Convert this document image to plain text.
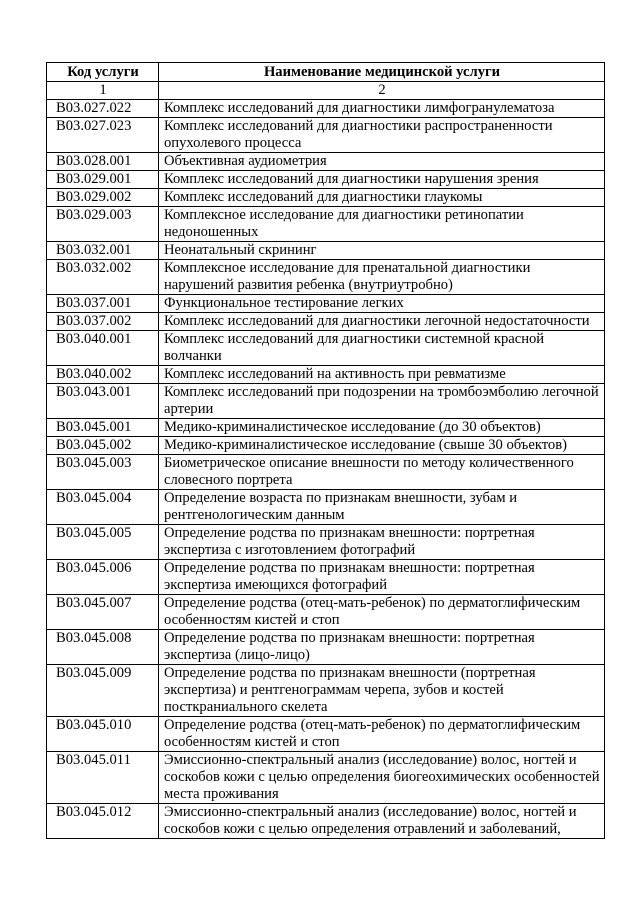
Код услуги	Наименование медицинской услуги
1	2
B03.027.022	Комплекс исследований для диагностики лимфогранулематоза
B03.027.023	Комплекс исследований для диагностики распространенности опухолевого процесса
B03.028.001	Объективная аудиометрия
B03.029.001	Комплекс исследований для диагностики нарушения зрения
B03.029.002	Комплекс исследований для диагностики глаукомы
B03.029.003	Комплексное исследование для диагностики ретинопатии недоношенных
B03.032.001	Неонатальный скрининг
B03.032.002	Комплексное исследование для пренатальной диагностики нарушений развития ребенка (внутриутробно)
B03.037.001	Функциональное тестирование легких
B03.037.002	Комплекс исследований для диагностики легочной недостаточности
B03.040.001	Комплекс исследований для диагностики системной красной волчанки
B03.040.002	Комплекс исследований на активность при ревматизме
B03.043.001	Комплекс исследований при подозрении на тромбоэмболию легочной артерии
B03.045.001	Медико-криминалистическое исследование (до 30 объектов)
B03.045.002	Медико-криминалистическое исследование (свыше 30 объектов)
B03.045.003	Биометрическое описание внешности по методу количественного словесного портрета
B03.045.004	Определение возраста по признакам внешности, зубам и рентгенологическим данным
B03.045.005	Определение родства по признакам внешности: портретная экспертиза с изготовлением фотографий
B03.045.006	Определение родства по признакам внешности: портретная экспертиза имеющихся фотографий
B03.045.007	Определение родства (отец-мать-ребенок) по дерматоглифическим особенностям кистей и стоп
B03.045.008	Определение родства по признакам внешности: портретная экспертиза (лицо-лицо)
B03.045.009	Определение родства по признакам внешности (портретная экспертиза) и рентгенограммам черепа, зубов и костей посткраниального скелета
B03.045.010	Определение родства (отец-мать-ребенок) по дерматоглифическим особенностям кистей и стоп
B03.045.011	Эмиссионно-спектральный анализ (исследование) волос, ногтей и соскобов кожи с целью определения биогеохимических особенностей места проживания
B03.045.012	Эмиссионно-спектральный анализ (исследование) волос, ногтей и соскобов кожи с целью определения отравлений и заболеваний,
